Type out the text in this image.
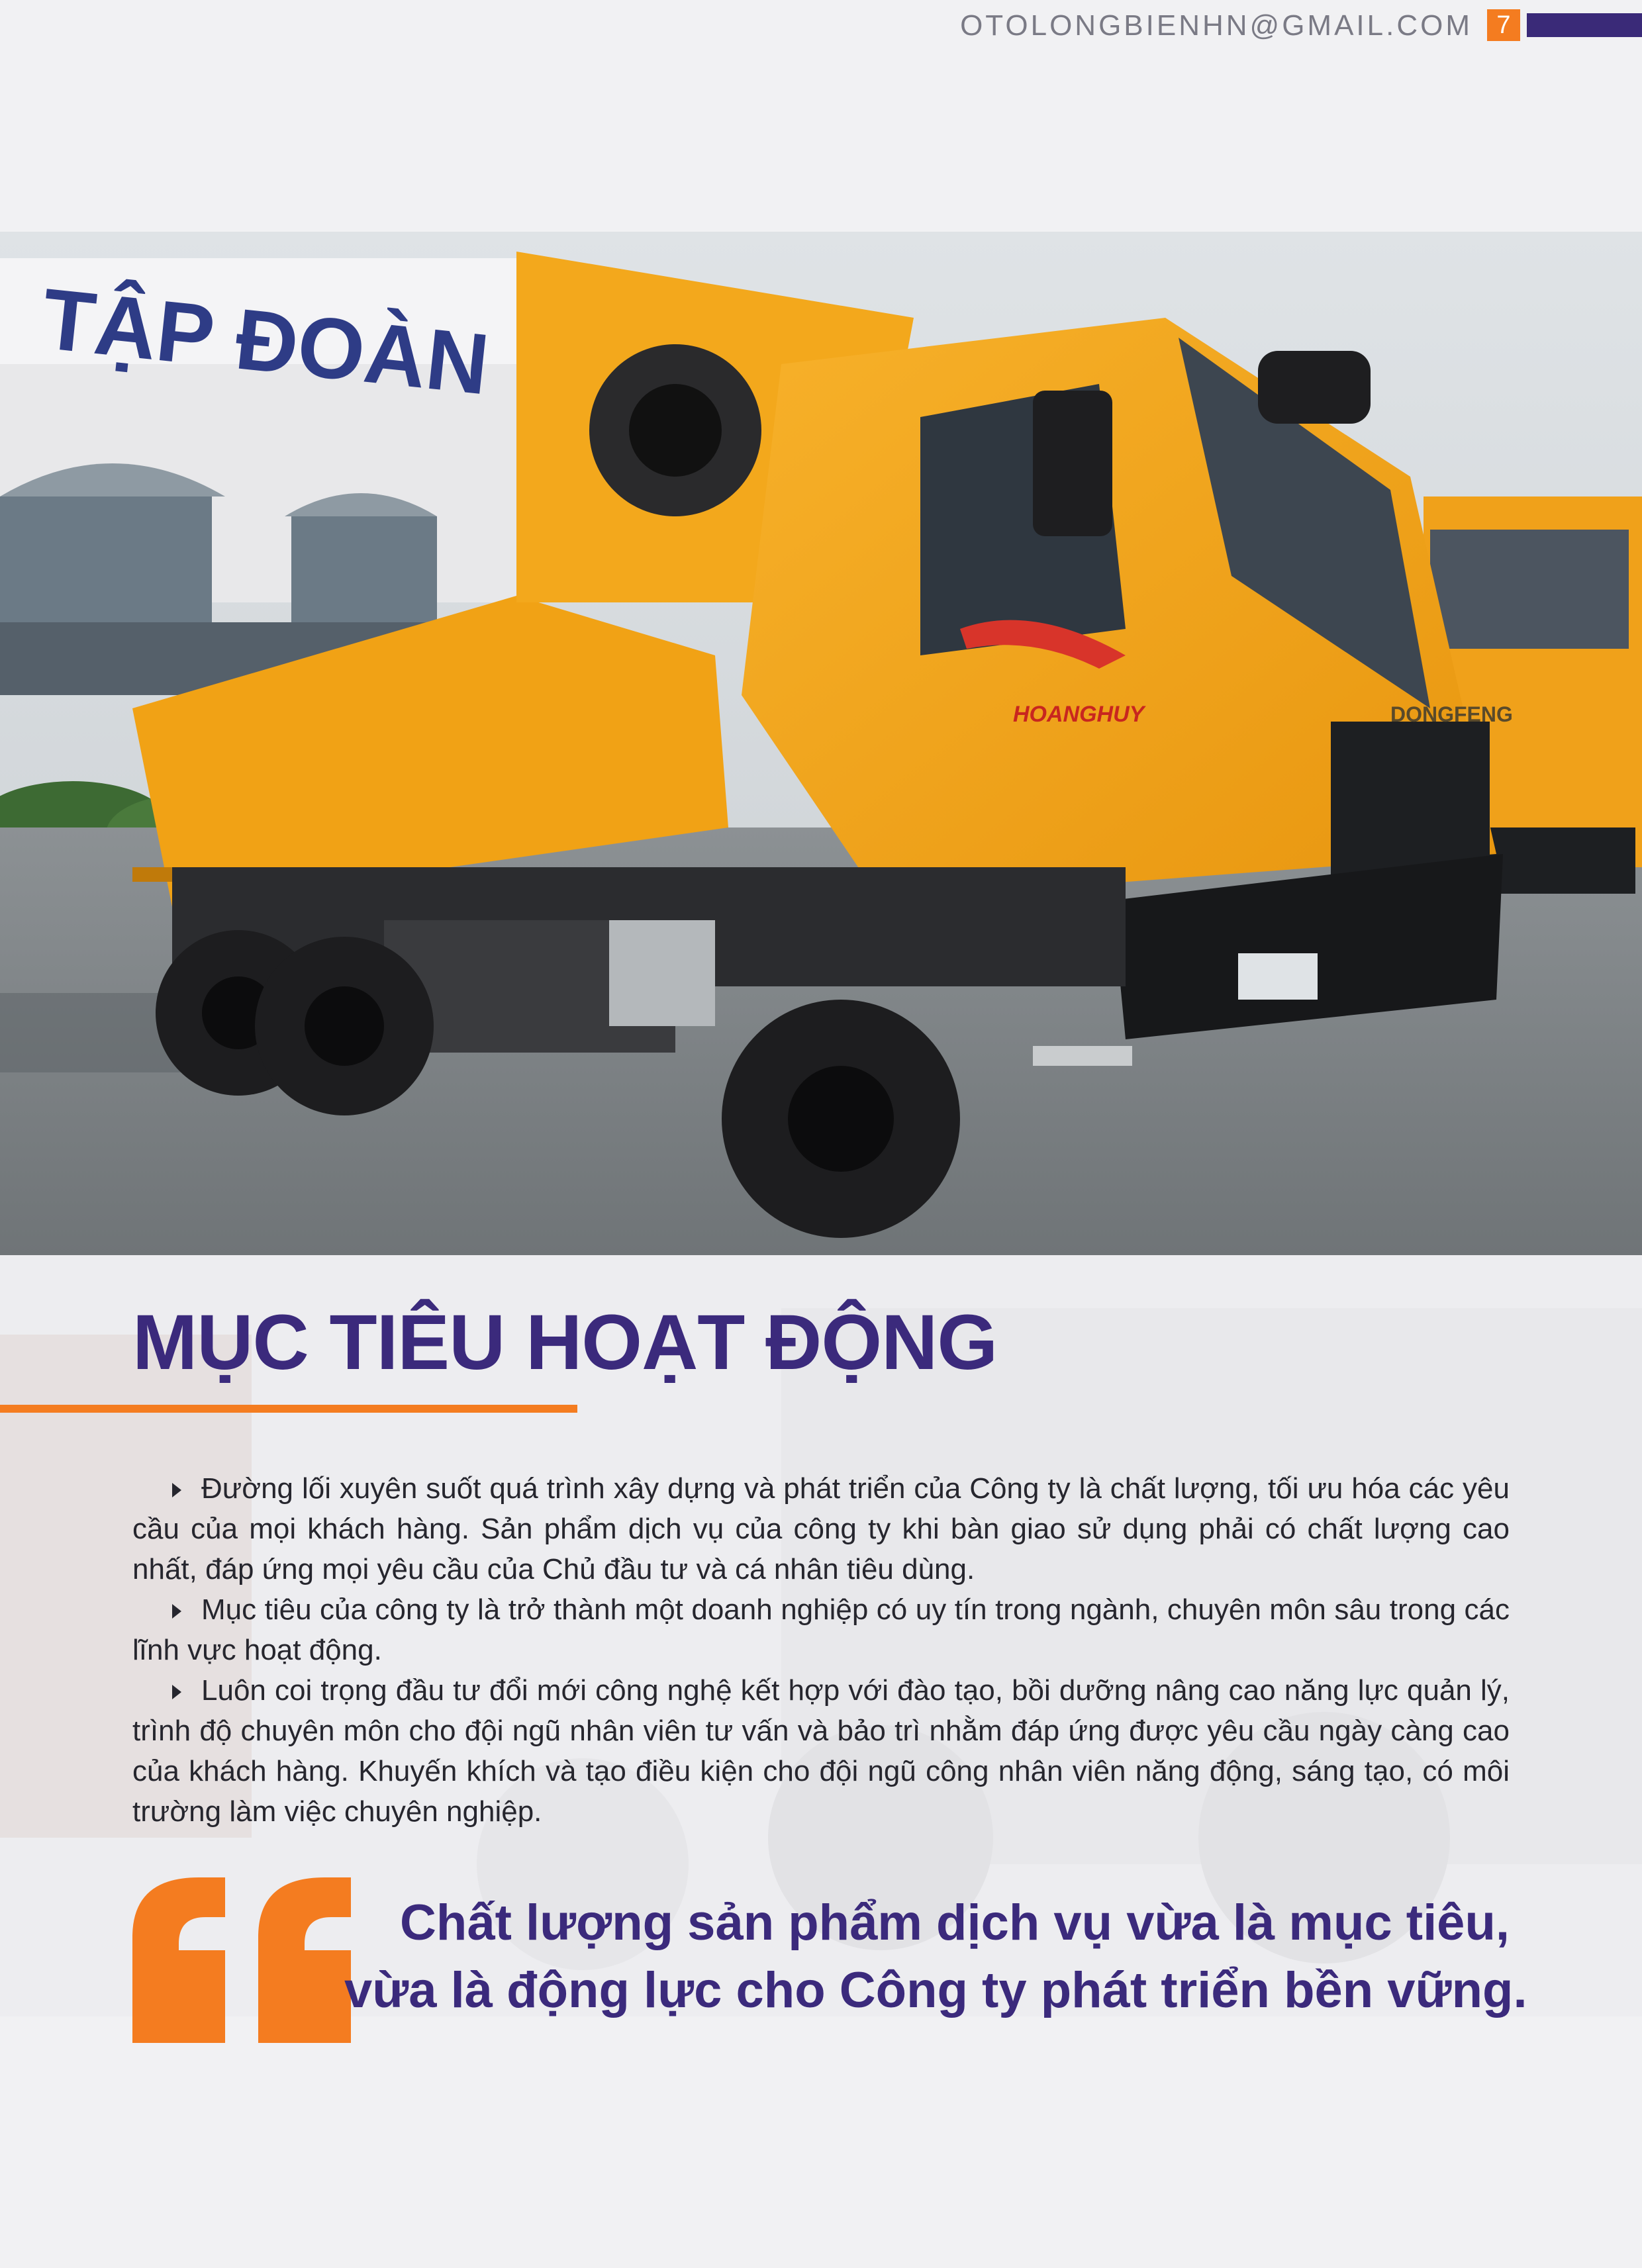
OTOLONGBIENHN@GMAIL.COM 7
TẬP ĐOÀN
HOANGHUY	DONGFENG
MỤC TIÊU HOẠT ĐỘNG

Đường lối xuyên suốt quá trình xây dựng và phát triển của Công ty là chất lượng, tối ưu hóa các yêu cầu của mọi khách hàng. Sản phẩm dịch vụ của công ty khi bàn giao sử dụng phải có chất lượng cao nhất, đáp ứng mọi yêu cầu của Chủ đầu tư và cá nhân tiêu dùng.

Mục tiêu của công ty là trở thành một doanh nghiệp có uy tín trong ngành, chuyên môn sâu trong các lĩnh vực hoạt động.

Luôn coi trọng đầu tư đổi mới công nghệ kết hợp với đào tạo, bồi dưỡng nâng cao năng lực quản lý, trình độ chuyên môn cho đội ngũ nhân viên tư vấn và bảo trì nhằm đáp ứng được yêu cầu ngày càng cao của khách hàng. Khuyến khích và tạo điều kiện cho đội ngũ công nhân viên năng động, sáng tạo, có môi trường làm việc chuyên nghiệp.

Chất lượng sản phẩm dịch vụ vừa là mục tiêu,
vừa là động lực cho Công ty phát triển bền vững.
